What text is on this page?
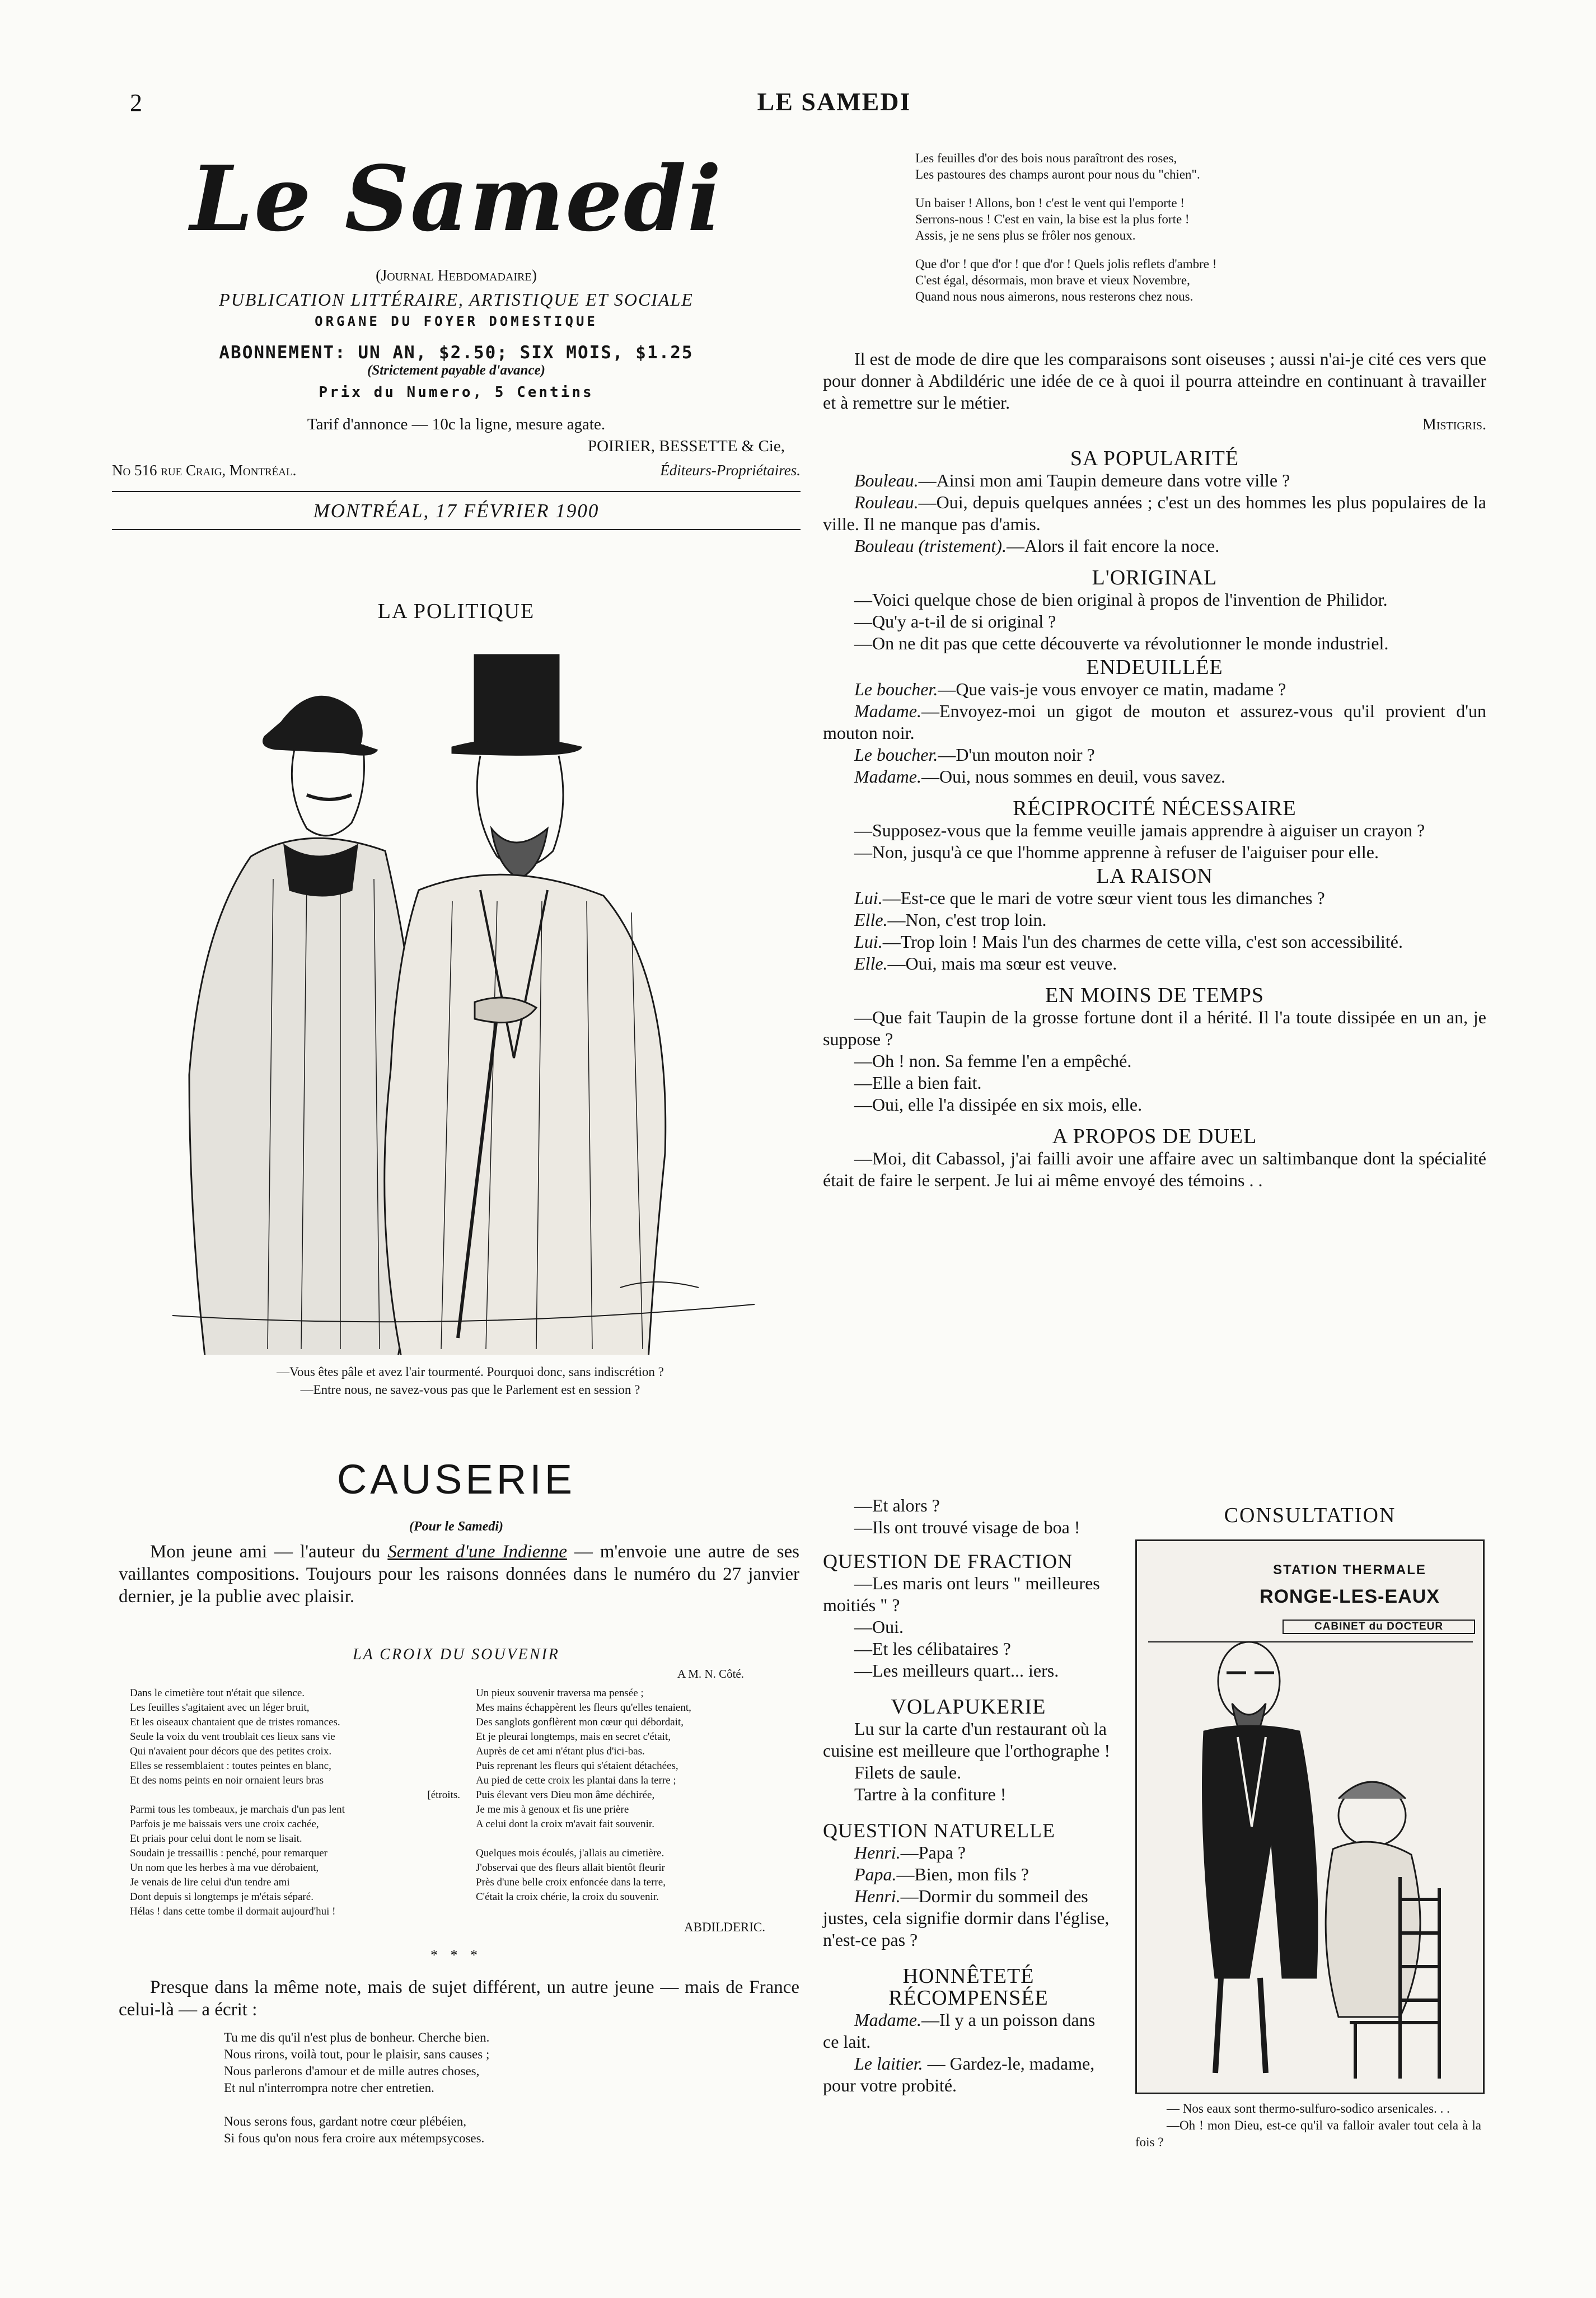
2	LE SAMEDI
Le Samedi
(Journal Hebdomadaire)
PUBLICATION LITTÉRAIRE, ARTISTIQUE ET SOCIALE
ORGANE DU FOYER DOMESTIQUE
ABONNEMENT: UN AN, $2.50; SIX MOIS, $1.25
(Strictement payable d'avance)
Prix du Numero, 5 Centins
Tarif d'annonce — 10c la ligne, mesure agate.
POIRIER, BESSETTE & Cie,
No 516 rue Craig, Montréal.	Éditeurs-Propriétaires.
MONTRÉAL, 17 FÉVRIER 1900
LA POLITIQUE
—Vous êtes pâle et avez l'air tourmenté. Pourquoi donc, sans indiscrétion ?
—Entre nous, ne savez-vous pas que le Parlement est en session ?
CAUSERIE
(Pour le Samedi)

Mon jeune ami — l'auteur du Serment d'une Indienne — m'envoie une autre de ses vaillantes compositions. Toujours pour les raisons données dans le numéro du 27 janvier dernier, je la publie avec plaisir.

LA CROIX DU SOUVENIR
A M. N. Côté.

Dans le cimetière tout n'était que silence.

Les feuilles s'agitaient avec un léger bruit,

Et les oiseaux chantaient que de tristes romances.

Seule la voix du vent troublait ces lieux sans vie

Qui n'avaient pour décors que des petites croix.

Elles se ressemblaient : toutes peintes en blanc,

Et des noms peints en noir ornaient leurs bras

[étroits.

Parmi tous les tombeaux, je marchais d'un pas lent

Parfois je me baissais vers une croix cachée,

Et priais pour celui dont le nom se lisait.

Soudain je tressaillis : penché, pour remarquer

Un nom que les herbes à ma vue dérobaient,

Je venais de lire celui d'un tendre ami

Dont depuis si longtemps je m'étais séparé.

Hélas ! dans cette tombe il dormait aujourd'hui !

Un pieux souvenir traversa ma pensée ;

Mes mains échappèrent les fleurs qu'elles tenaient,

Des sanglots gonflèrent mon cœur qui débordait,

Et je pleurai longtemps, mais en secret c'était,

Auprès de cet ami n'étant plus d'ici-bas.

Puis reprenant les fleurs qui s'étaient détachées,

Au pied de cette croix les plantai dans la terre ;

Puis élevant vers Dieu mon âme déchirée,

Je me mis à genoux et fis une prière

A celui dont la croix m'avait fait souvenir.

Quelques mois écoulés, j'allais au cimetière.

J'observai que des fleurs allait bientôt fleurir

Près d'une belle croix enfoncée dans la terre,

C'était la croix chérie, la croix du souvenir.

ABDILDERIC.
* * *

Presque dans la même note, mais de sujet différent, un autre jeune — mais de France celui-là — a écrit :

Tu me dis qu'il n'est plus de bonheur. Cherche bien.

Nous rirons, voilà tout, pour le plaisir, sans causes ;

Nous parlerons d'amour et de mille autres choses,

Et nul n'interrompra notre cher entretien.

Nous serons fous, gardant notre cœur plébéien,

Si fous qu'on nous fera croire aux métempsycoses.

Les feuilles d'or des bois nous paraîtront des roses,

Les pastoures des champs auront pour nous du "chien".

Un baiser ! Allons, bon ! c'est le vent qui l'emporte !

Serrons-nous ! C'est en vain, la bise est la plus forte !

Assis, je ne sens plus se frôler nos genoux.

Que d'or ! que d'or ! que d'or ! Quels jolis reflets d'ambre !

C'est égal, désormais, mon brave et vieux Novembre,

Quand nous nous aimerons, nous resterons chez nous.

Il est de mode de dire que les comparaisons sont oiseuses ; aussi n'ai-je cité ces vers que pour donner à Abdildéric une idée de ce à quoi il pourra atteindre en continuant à travailler et à remettre sur le métier.

Mistigris.

SA POPULARITÉ

Bouleau.—Ainsi mon ami Taupin demeure dans votre ville ?

Rouleau.—Oui, depuis quelques années ; c'est un des hommes les plus populaires de la ville. Il ne manque pas d'amis.

Bouleau (tristement).—Alors il fait encore la noce.

L'ORIGINAL

—Voici quelque chose de bien original à propos de l'invention de Philidor.

—Qu'y a-t-il de si original ?

—On ne dit pas que cette découverte va révolutionner le monde industriel.

ENDEUILLÉE

Le boucher.—Que vais-je vous envoyer ce matin, madame ?

Madame.—Envoyez-moi un gigot de mouton et assurez-vous qu'il provient d'un mouton noir.

Le boucher.—D'un mouton noir ?

Madame.—Oui, nous sommes en deuil, vous savez.

RÉCIPROCITÉ NÉCESSAIRE

—Supposez-vous que la femme veuille jamais apprendre à aiguiser un crayon ?

—Non, jusqu'à ce que l'homme apprenne à refuser de l'aiguiser pour elle.

LA RAISON

Lui.—Est-ce que le mari de votre sœur vient tous les dimanches ?

Elle.—Non, c'est trop loin.

Lui.—Trop loin ! Mais l'un des charmes de cette villa, c'est son accessibilité.

Elle.—Oui, mais ma sœur est veuve.

EN MOINS DE TEMPS

—Que fait Taupin de la grosse fortune dont il a hérité. Il l'a toute dissipée en un an, je suppose ?

—Oh ! non. Sa femme l'en a empêché.

—Elle a bien fait.

—Oui, elle l'a dissipée en six mois, elle.

A PROPOS DE DUEL

—Moi, dit Cabassol, j'ai failli avoir une affaire avec un saltimbanque dont la spécialité était de faire le serpent. Je lui ai même envoyé des témoins . .

—Et alors ?

—Ils ont trouvé visage de boa !

QUESTION DE FRACTION

—Les maris ont leurs " meilleures moitiés " ?

—Oui.

—Et les célibataires ?

—Les meilleurs quart... iers.

VOLAPUKERIE

Lu sur la carte d'un restaurant où la cuisine est meilleure que l'orthographe !

Filets de saule.

Tartre à la confiture !

QUESTION NATURELLE

Henri.—Papa ?

Papa.—Bien, mon fils ?

Henri.—Dormir du sommeil des justes, cela signifie dormir dans l'église, n'est-ce pas ?

HONNÊTETÉ RÉCOMPENSÉE

Madame.—Il y a un poisson dans ce lait.

Le laitier. — Gardez-le, madame, pour votre probité.

CONSULTATION
STATION THERMALE
RONGE-LES-EAUX
CABINET du DOCTEUR

— Nos eaux sont thermo-sulfuro-sodico arsenicales. . .

—Oh ! mon Dieu, est-ce qu'il va falloir avaler tout cela à la fois ?
